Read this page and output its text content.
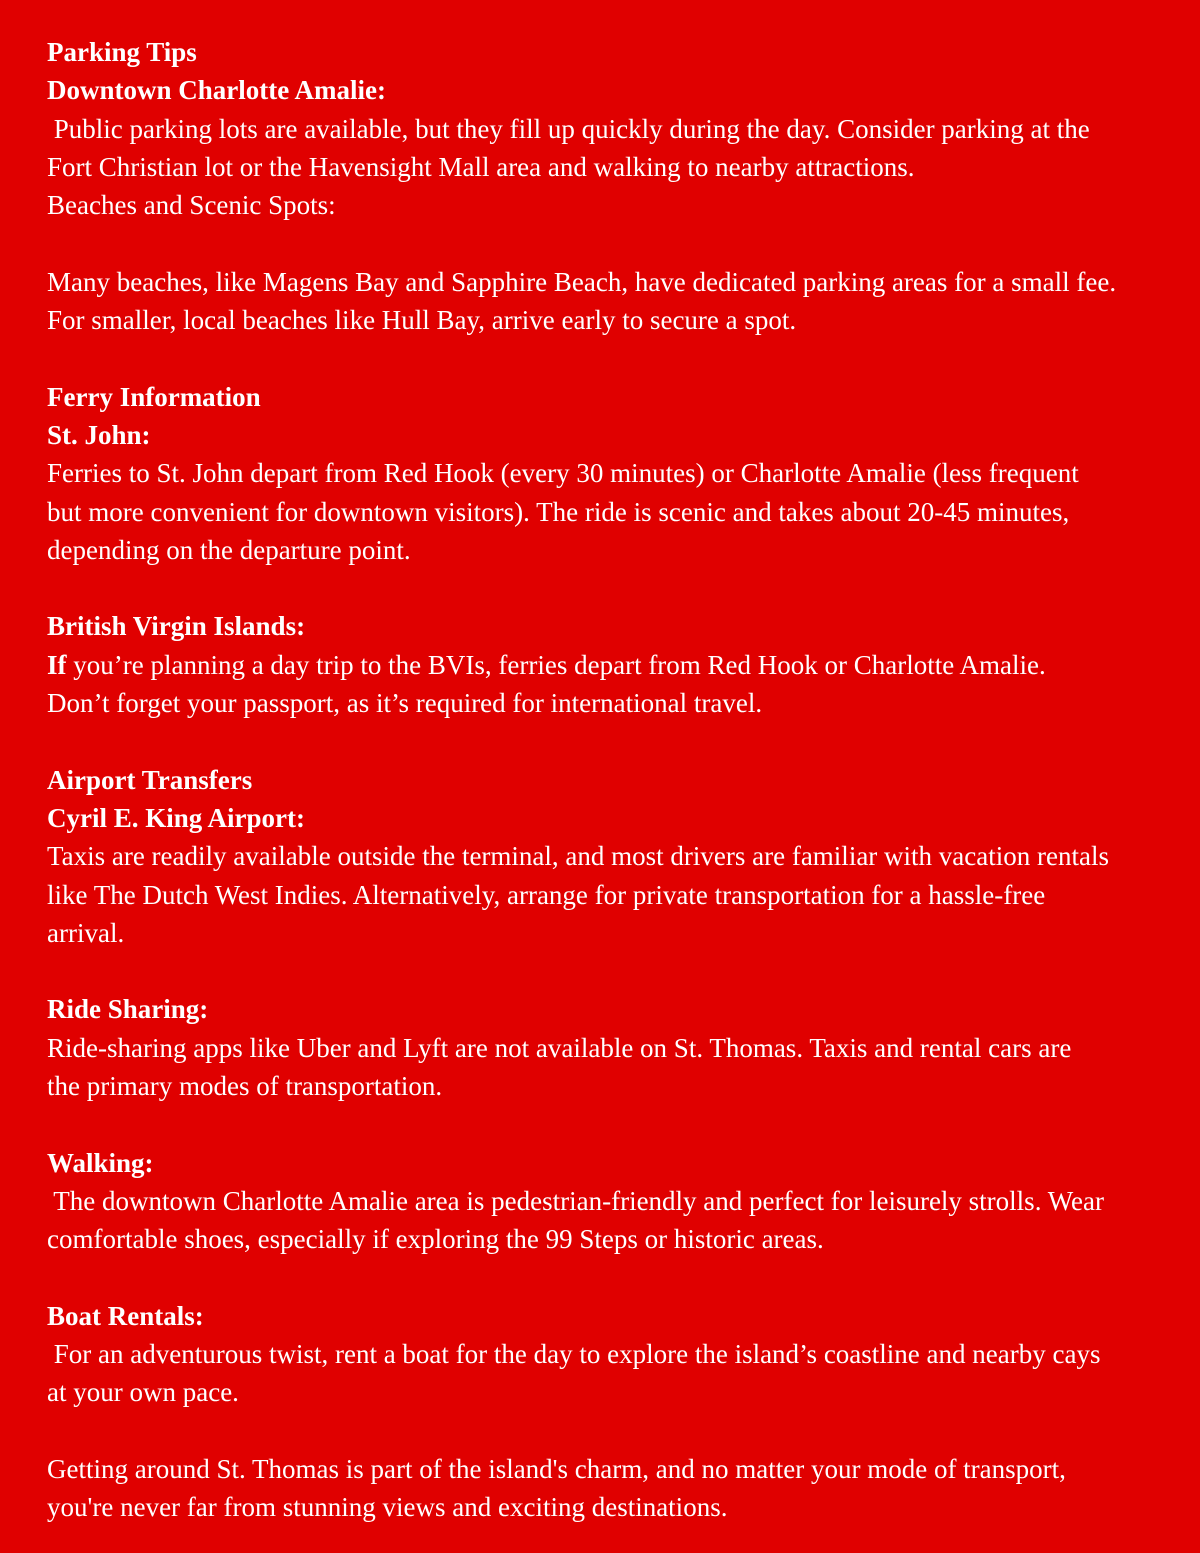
Parking Tips
Downtown Charlotte Amalie:
Public parking lots are available, but they fill up quickly during the day. Consider parking at the
Fort Christian lot or the Havensight Mall area and walking to nearby attractions.
Beaches and Scenic Spots:
Many beaches, like Magens Bay and Sapphire Beach, have dedicated parking areas for a small fee.
For smaller, local beaches like Hull Bay, arrive early to secure a spot.
Ferry Information
St. John:
Ferries to St. John depart from Red Hook (every 30 minutes) or Charlotte Amalie (less frequent
but more convenient for downtown visitors). The ride is scenic and takes about 20-45 minutes,
depending on the departure point.
British Virgin Islands:
If you’re planning a day trip to the BVIs, ferries depart from Red Hook or Charlotte Amalie.
Don’t forget your passport, as it’s required for international travel.
Airport Transfers
Cyril E. King Airport:
Taxis are readily available outside the terminal, and most drivers are familiar with vacation rentals
like The Dutch West Indies. Alternatively, arrange for private transportation for a hassle-free
arrival.
Ride Sharing:
Ride-sharing apps like Uber and Lyft are not available on St. Thomas. Taxis and rental cars are
the primary modes of transportation.
Walking:
The downtown Charlotte Amalie area is pedestrian-friendly and perfect for leisurely strolls. Wear
comfortable shoes, especially if exploring the 99 Steps or historic areas.
Boat Rentals:
For an adventurous twist, rent a boat for the day to explore the island’s coastline and nearby cays
at your own pace.
Getting around St. Thomas is part of the island's charm, and no matter your mode of transport,
you're never far from stunning views and exciting destinations.
